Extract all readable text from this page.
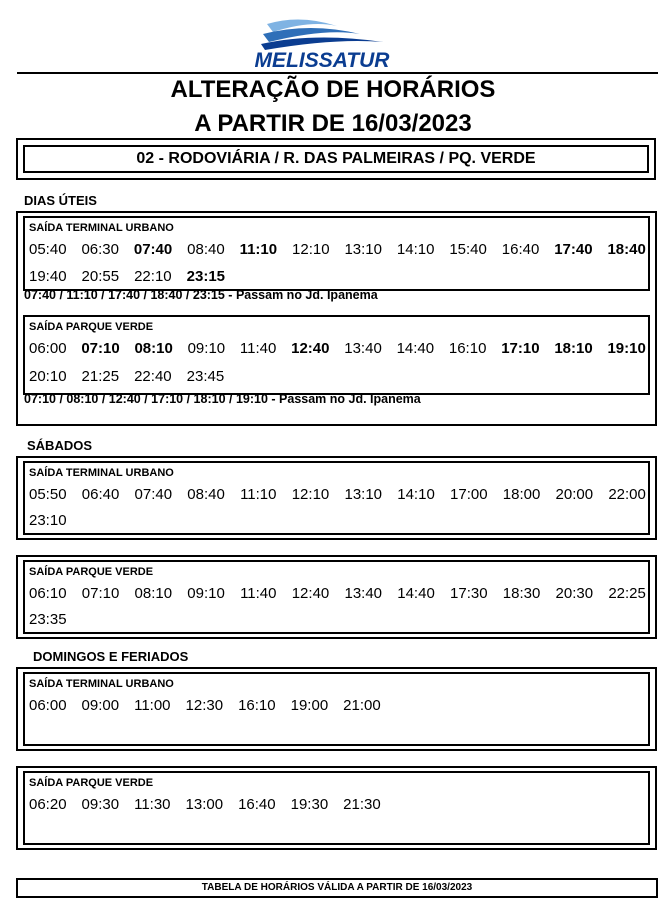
MELISSATUR
ALTERAÇÃO DE HORÁRIOS
A PARTIR DE 16/03/2023
02 - RODOVIÁRIA / R. DAS PALMEIRAS / PQ. VERDE
DIAS ÚTEIS
SAÍDA TERMINAL URBANO
05:40 06:30 07:40 08:40 11:10 12:10 13:10 14:10 15:40 16:40 17:40 18:40
19:40 20:55 22:10 23:15
07:40 / 11:10 / 17:40 / 18:40 / 23:15 - Passam no Jd. Ipanema
SAÍDA PARQUE VERDE
06:00 07:10 08:10 09:10 11:40 12:40 13:40 14:40 16:10 17:10 18:10 19:10
20:10 21:25 22:40 23:45
07:10 / 08:10 / 12:40 / 17:10 / 18:10 / 19:10 - Passam no Jd. Ipanema
SÁBADOS
SAÍDA TERMINAL URBANO
05:50 06:40 07:40 08:40 11:10 12:10 13:10 14:10 17:00 18:00 20:00 22:00
23:10
SAÍDA PARQUE VERDE
06:10 07:10 08:10 09:10 11:40 12:40 13:40 14:40 17:30 18:30 20:30 22:25
23:35
DOMINGOS E FERIADOS
SAÍDA TERMINAL URBANO
06:00 09:00 11:00 12:30 16:10 19:00 21:00
SAÍDA PARQUE VERDE
06:20 09:30 11:30 13:00 16:40 19:30 21:30
TABELA DE HORÁRIOS VÁLIDA A PARTIR DE 16/03/2023
